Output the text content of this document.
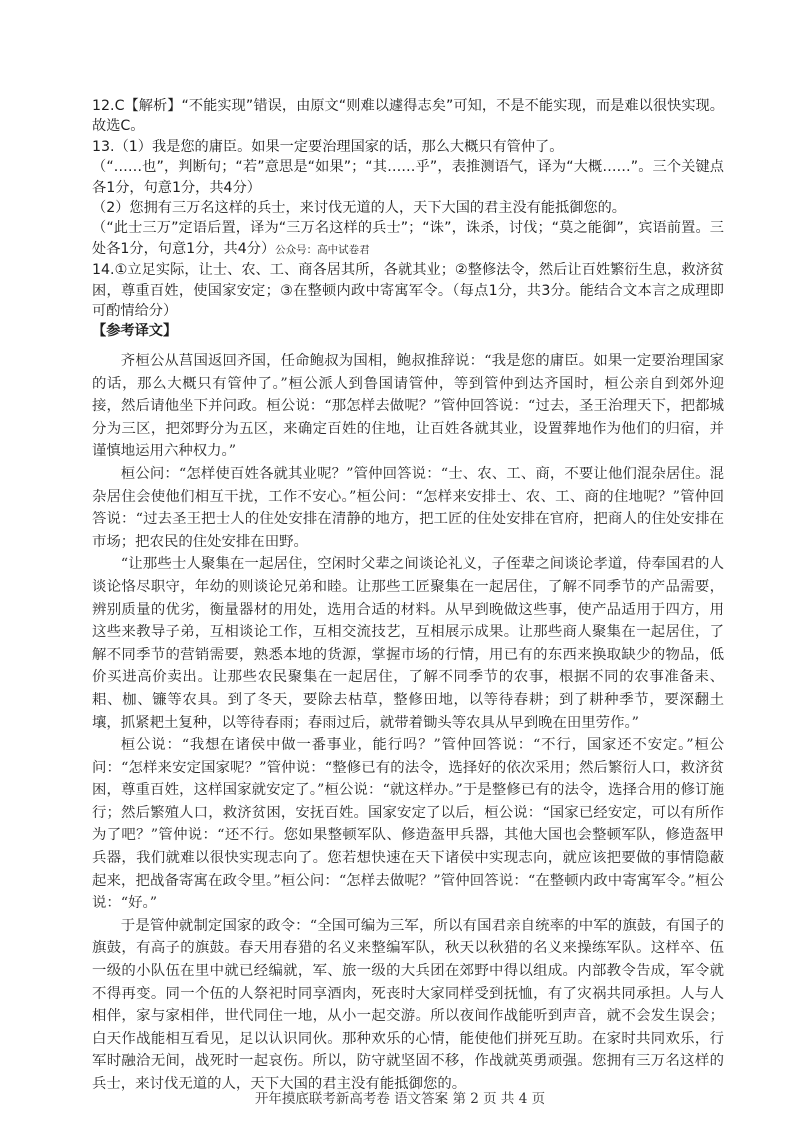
12.C【解析】“不能实现”错误，由原文“则难以遽得志矣”可知，不是不能实现，而是难以很快实现。故选C。

13.（1）我是您的庸臣。如果一定要治理国家的话，那么大概只有管仲了。

（“……也”，判断句；“若”意思是“如果”；“其……乎”，表推测语气，译为“大概……”。三个关键点各1分，句意1分，共4分）

（2）您拥有三万名这样的兵士，来讨伐无道的人，天下大国的君主没有能抵御您的。

（“此士三万”定语后置，译为“三万名这样的兵士”；“诛”，诛杀，讨伐；“莫之能御”，宾语前置。三处各1分，句意1分，共4分）公众号：高中试卷君

14.①立足实际，让士、农、工、商各居其所，各就其业；②整修法令，然后让百姓繁衍生息，救济贫困，尊重百姓，使国家安定；③在整顿内政中寄寓军令。（每点1分，共3分。能结合文本言之成理即可酌情给分）

【参考译文】

齐桓公从莒国返回齐国，任命鲍叔为国相，鲍叔推辞说：“我是您的庸臣。如果一定要治理国家的话，那么大概只有管仲了。”桓公派人到鲁国请管仲，等到管仲到达齐国时，桓公亲自到郊外迎接，然后请他坐下并问政。桓公说：“那怎样去做呢？”管仲回答说：“过去，圣王治理天下，把都城分为三区，把郊野分为五区，来确定百姓的住地，让百姓各就其业，设置葬地作为他们的归宿，并谨慎地运用六种权力。”

桓公问：“怎样使百姓各就其业呢？”管仲回答说：“士、农、工、商，不要让他们混杂居住。混杂居住会使他们相互干扰，工作不安心。”桓公问：“怎样来安排士、农、工、商的住地呢？”管仲回答说：“过去圣王把士人的住处安排在清静的地方，把工匠的住处安排在官府，把商人的住处安排在市场；把农民的住处安排在田野。

“让那些士人聚集在一起居住，空闲时父辈之间谈论礼义，子侄辈之间谈论孝道，侍奉国君的人谈论恪尽职守，年幼的则谈论兄弟和睦。让那些工匠聚集在一起居住，了解不同季节的产品需要，辨别质量的优劣，衡量器材的用处，选用合适的材料。从早到晚做这些事，使产品适用于四方，用这些来教导子弟，互相谈论工作，互相交流技艺，互相展示成果。让那些商人聚集在一起居住，了解不同季节的营销需要，熟悉本地的货源，掌握市场的行情，用已有的东西来换取缺少的物品，低价买进高价卖出。让那些农民聚集在一起居住，了解不同季节的农事，根据不同的农事准备耒、耜、枷、镰等农具。到了冬天，要除去枯草，整修田地，以等待春耕；到了耕种季节，要深翻土壤，抓紧耙土复种，以等待春雨；春雨过后，就带着锄头等农具从早到晚在田里劳作。”

桓公说：“我想在诸侯中做一番事业，能行吗？”管仲回答说：“不行，国家还不安定。”桓公问：“怎样来安定国家呢？”管仲说：“整修已有的法令，选择好的依次采用；然后繁衍人口，救济贫困，尊重百姓，这样国家就安定了。”桓公说：“就这样办。”于是整修已有的法令，选择合用的修订施行；然后繁殖人口，救济贫困，安抚百姓。国家安定了以后，桓公说：“国家已经安定，可以有所作为了吧？”管仲说：“还不行。您如果整顿军队、修造盔甲兵器，其他大国也会整顿军队，修造盔甲兵器，我们就难以很快实现志向了。您若想快速在天下诸侯中实现志向，就应该把要做的事情隐蔽起来，把战备寄寓在政令里。”桓公问：“怎样去做呢？”管仲回答说：“在整顿内政中寄寓军令。”桓公说：“好。”

于是管仲就制定国家的政令：“全国可编为三军，所以有国君亲自统率的中军的旗鼓，有国子的旗鼓，有高子的旗鼓。春天用春猎的名义来整编军队，秋天以秋猎的名义来操练军队。这样卒、伍一级的小队伍在里中就已经编就，军、旅一级的大兵团在郊野中得以组成。内部教令告成，军令就不得再变。同一个伍的人祭祀时同享酒肉，死丧时大家同样受到抚恤，有了灾祸共同承担。人与人相伴，家与家相伴，世代同住一地，从小一起交游。所以夜间作战能听到声音，就不会发生误会；白天作战能相互看见，足以认识同伙。那种欢乐的心情，能使他们拼死互助。在家时共同欢乐，行军时融洽无间，战死时一起哀伤。所以，防守就坚固不移，作战就英勇顽强。您拥有三万名这样的兵士，来讨伐无道的人，天下大国的君主没有能抵御您的。

开年摸底联考新高考卷 语文答案 第 2 页 共 4 页
